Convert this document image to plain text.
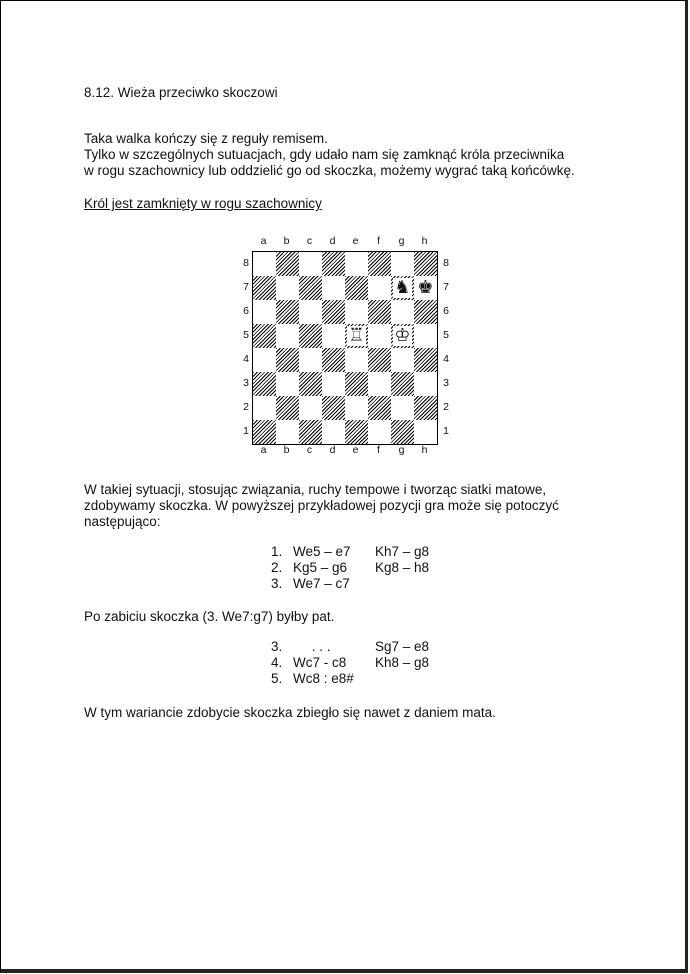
8.12. Wieża przeciwko skoczowi
Taka walka kończy się z reguły remisem.
Tylko w szczególnych sutuacjach, gdy udało nam się zamknąć króla przeciwnika
w rogu szachownicy lub oddzielić go od skoczka, możemy wygrać taką końcówkę.
Król jest zamknięty w rogu szachownicy
a	b	c	d	e	f	g	h
8
7
6
5
4
3
2
1
♞ ♚
♖ ♔
8
7
6
5
4
3
2
1
a	b	c	d	e	f	g	h
W takiej sytuacji, stosując związania, ruchy tempowe i tworząc siatki matowe,
zdobywamy skoczka. W powyższej przykładowej pozycji gra może się potoczyć
następująco:
1. We5 – e7	Kh7 – g8
2. Kg5 – g6	Kg8 – h8
3. We7 – c7
Po zabiciu skoczka (3. We7:g7) byłby pat.
3. . . .	Sg7 – e8
4. Wc7 - c8	Kh8 – g8
5. Wc8 : e8#
W tym wariancie zdobycie skoczka zbiegło się nawet z daniem mata.
